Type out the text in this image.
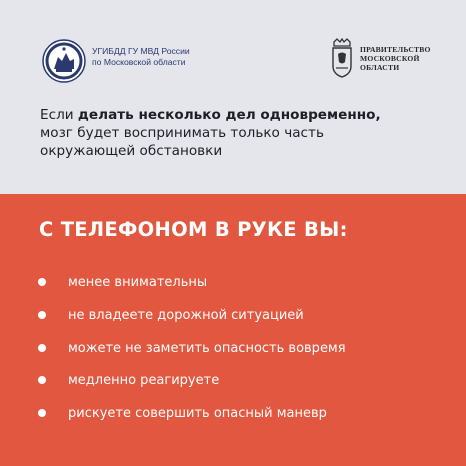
УГИБДД ГУ МВД России
по Московской области
ПРАВИТЕЛЬСТВО
МОСКОВСКОЙ
ОБЛАСТИ
Если делать несколько дел одновременно,
мозг будет воспринимать только часть
окружающей обстановки
С ТЕЛЕФОНОМ В РУКЕ ВЫ:
менее внимательны
не владеете дорожной ситуацией
можете не заметить опасность вовремя
медленно реагируете
рискуете совершить опасный маневр
